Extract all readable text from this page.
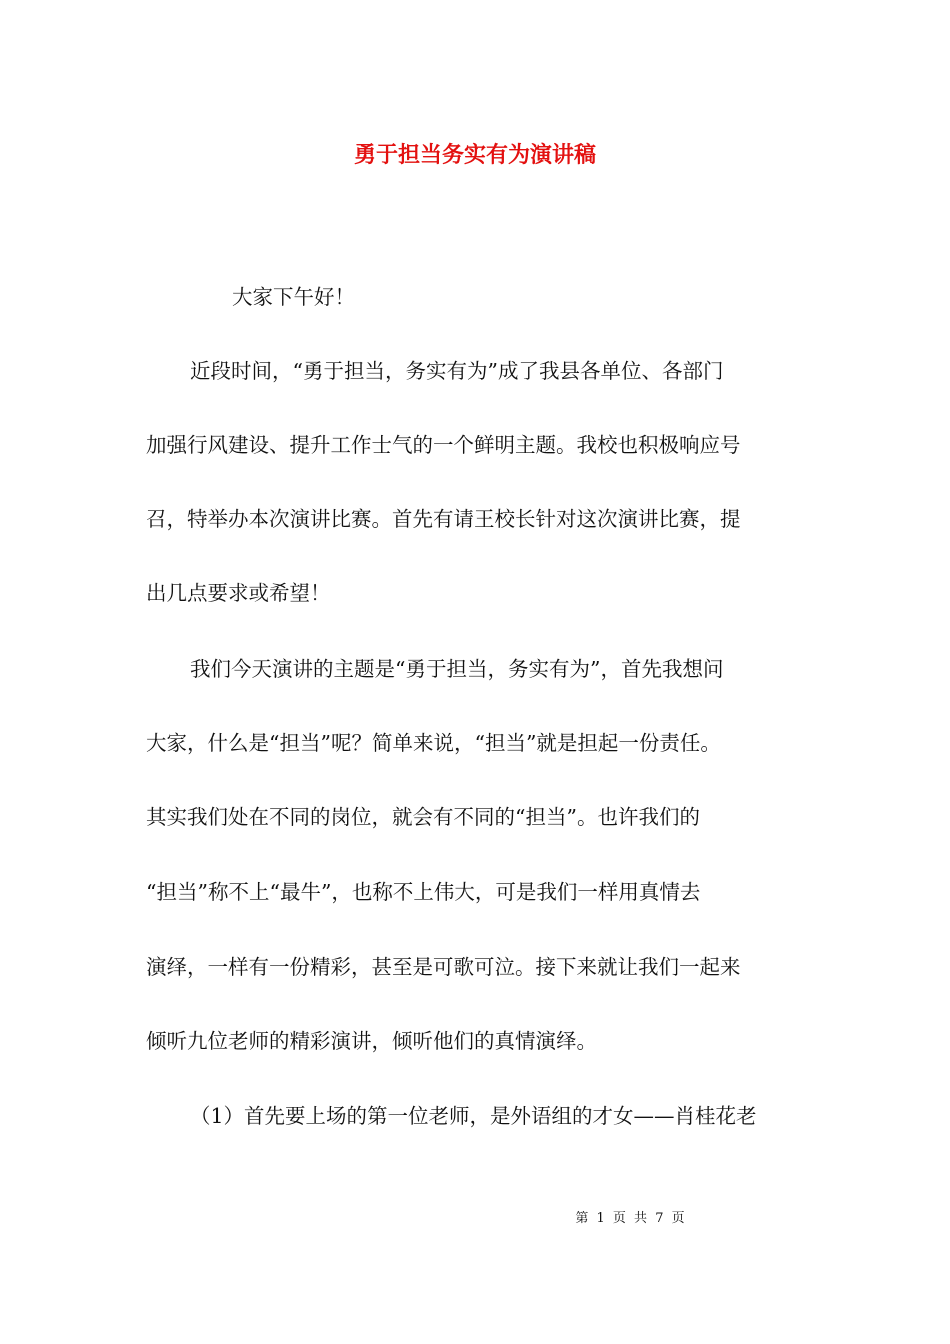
勇于担当务实有为演讲稿
大家下午好！
近段时间，“勇于担当，务实有为”成了我县各单位、各部门
加强行风建设、提升工作士气的一个鲜明主题。我校也积极响应号
召，特举办本次演讲比赛。首先有请王校长针对这次演讲比赛，提
出几点要求或希望！
我们今天演讲的主题是“勇于担当，务实有为”，首先我想问
大家，什么是“担当”呢？简单来说，“担当”就是担起一份责任。
其实我们处在不同的岗位，就会有不同的“担当”。也许我们的
“担当”称不上“最牛”，也称不上伟大，可是我们一样用真情去
演绎，一样有一份精彩，甚至是可歌可泣。接下来就让我们一起来
倾听九位老师的精彩演讲，倾听他们的真情演绎。
（1）首先要上场的第一位老师，是外语组的才女——肖桂花老
第 1 页 共 7 页
